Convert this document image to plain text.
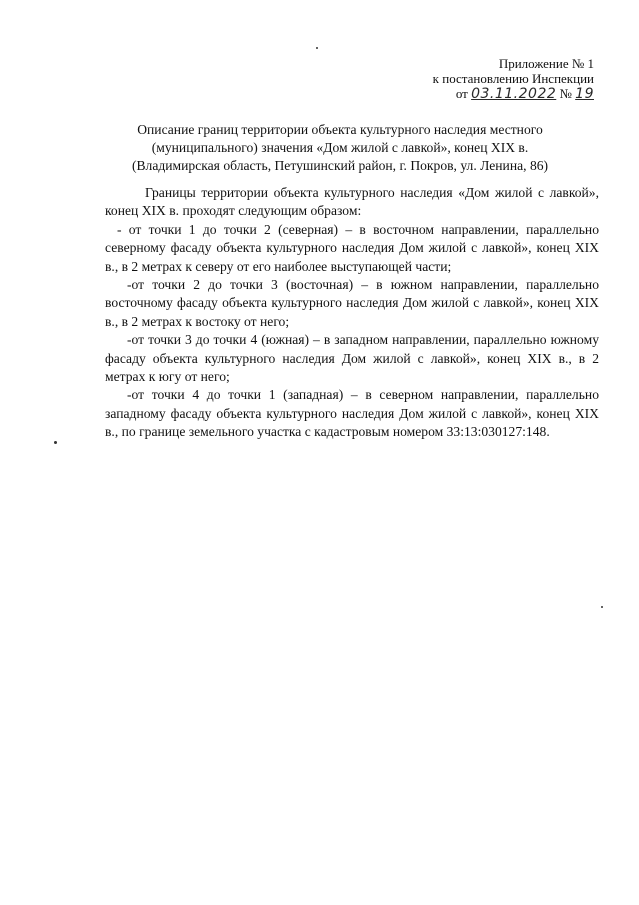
Приложение № 1
к постановлению Инспекции
от 03.11.2022 № 19
Описание границ территории объекта культурного наследия местного
(муниципального) значения «Дом жилой с лавкой», конец XIX в.
(Владимирская область, Петушинский район, г. Покров, ул. Ленина, 86)

Границы территории объекта культурного наследия «Дом жилой с лавкой», конец XIX в. проходят следующим образом:

- от точки 1 до точки 2 (северная) – в восточном направлении, параллельно северному фасаду объекта культурного наследия Дом жилой с лавкой», конец XIX в., в 2 метрах к северу от его наиболее выступающей части;

-от точки 2 до точки 3 (восточная) – в южном направлении, параллельно восточному фасаду объекта культурного наследия Дом жилой с лавкой», конец XIX в., в 2 метрах к востоку от него;

-от точки 3 до точки 4 (южная) – в западном направлении, параллельно южному фасаду объекта культурного наследия Дом жилой с лавкой», конец XIX в., в 2 метрах к югу от него;

-от точки 4 до точки 1 (западная) – в северном направлении, параллельно западному фасаду объекта культурного наследия Дом жилой с лавкой», конец XIX в., по границе земельного участка с кадастровым номером 33:13:030127:148.
